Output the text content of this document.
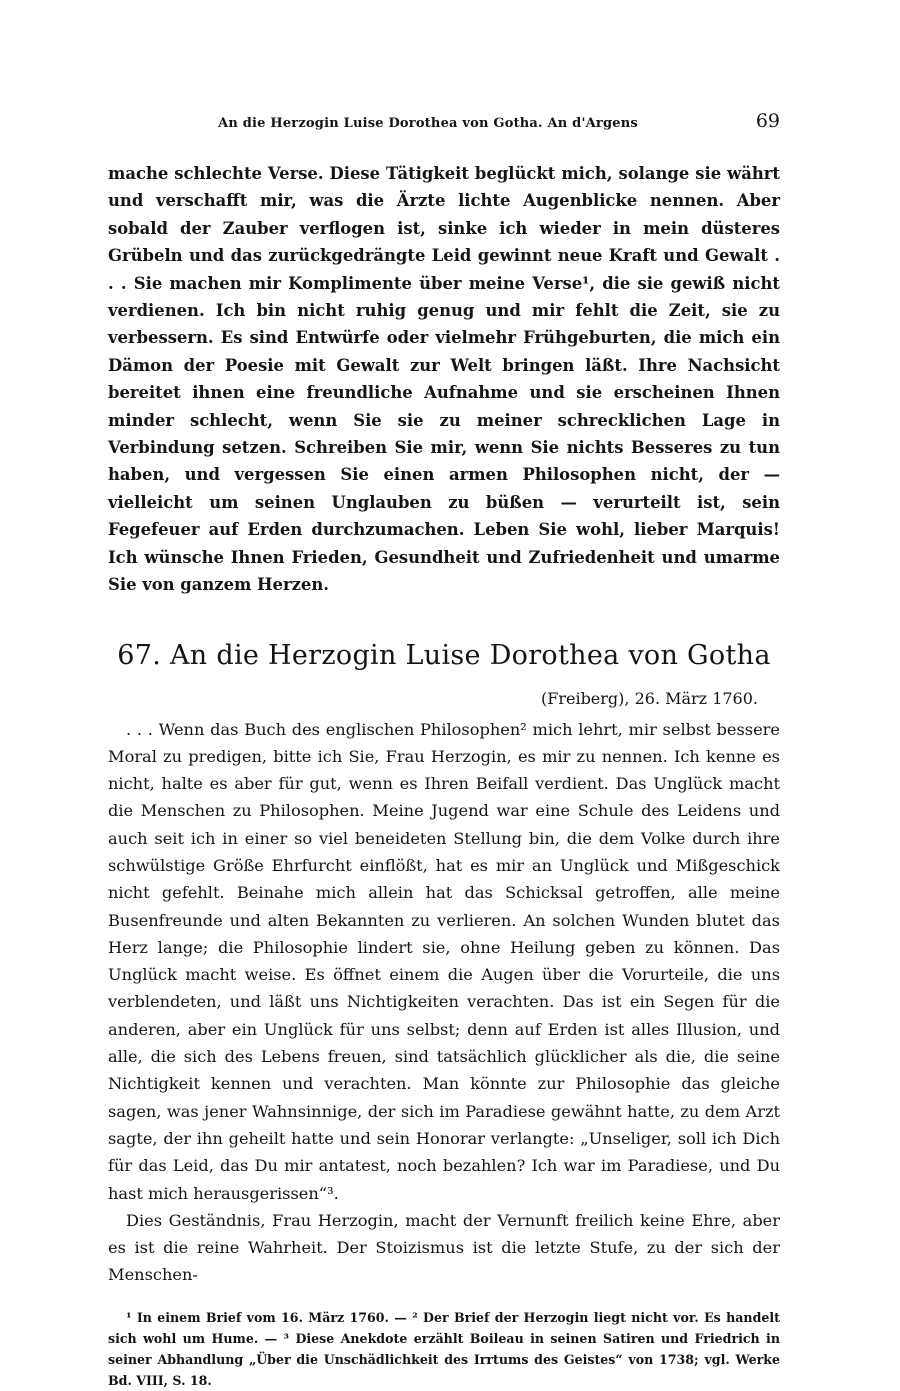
An die Herzogin Luise Dorothea von Gotha. An d'Argens	69

mache schlechte Verse. Diese Tätigkeit beglückt mich, solange sie währt und verschafft mir, was die Ärzte lichte Augenblicke nennen. Aber sobald der Zauber verflogen ist, sinke ich wieder in mein düsteres Grübeln und das zurückgedrängte Leid gewinnt neue Kraft und Gewalt . . . Sie machen mir Komplimente über meine Verse¹, die sie gewiß nicht verdienen. Ich bin nicht ruhig genug und mir fehlt die Zeit, sie zu verbessern. Es sind Entwürfe oder vielmehr Frühgeburten, die mich ein Dämon der Poesie mit Gewalt zur Welt bringen läßt. Ihre Nachsicht bereitet ihnen eine freundliche Aufnahme und sie erscheinen Ihnen minder schlecht, wenn Sie sie zu meiner schrecklichen Lage in Verbindung setzen. Schreiben Sie mir, wenn Sie nichts Besseres zu tun haben, und vergessen Sie einen armen Philosophen nicht, der — vielleicht um seinen Unglauben zu büßen — verurteilt ist, sein Fegefeuer auf Erden durchzumachen. Leben Sie wohl, lieber Marquis! Ich wünsche Ihnen Frieden, Gesundheit und Zufriedenheit und umarme Sie von ganzem Herzen.

67. An die Herzogin Luise Dorothea von Gotha
(Freiberg), 26. März 1760.

. . . Wenn das Buch des englischen Philosophen² mich lehrt, mir selbst bessere Moral zu predigen, bitte ich Sie, Frau Herzogin, es mir zu nennen. Ich kenne es nicht, halte es aber für gut, wenn es Ihren Beifall verdient. Das Unglück macht die Menschen zu Philosophen. Meine Jugend war eine Schule des Leidens und auch seit ich in einer so viel beneideten Stellung bin, die dem Volke durch ihre schwülstige Größe Ehrfurcht einflößt, hat es mir an Unglück und Mißgeschick nicht gefehlt. Beinahe mich allein hat das Schicksal getroffen, alle meine Busenfreunde und alten Bekannten zu verlieren. An solchen Wunden blutet das Herz lange; die Philosophie lindert sie, ohne Heilung geben zu können. Das Unglück macht weise. Es öffnet einem die Augen über die Vorurteile, die uns verblendeten, und läßt uns Nichtigkeiten verachten. Das ist ein Segen für die anderen, aber ein Unglück für uns selbst; denn auf Erden ist alles Illusion, und alle, die sich des Lebens freuen, sind tatsächlich glücklicher als die, die seine Nichtigkeit kennen und verachten. Man könnte zur Philosophie das gleiche sagen, was jener Wahnsinnige, der sich im Paradiese gewähnt hatte, zu dem Arzt sagte, der ihn geheilt hatte und sein Honorar verlangte: „Unseliger, soll ich Dich für das Leid, das Du mir antatest, noch bezahlen? Ich war im Paradiese, und Du hast mich herausgerissen“³.

Dies Geständnis, Frau Herzogin, macht der Vernunft freilich keine Ehre, aber es ist die reine Wahrheit. Der Stoizismus ist die letzte Stufe, zu der sich der Menschen-

¹ In einem Brief vom 16. März 1760. — ² Der Brief der Herzogin liegt nicht vor. Es handelt sich wohl um Hume. — ³ Diese Anekdote erzählt Boileau in seinen Satiren und Friedrich in seiner Abhandlung „Über die Unschädlichkeit des Irrtums des Geistes“ von 1738; vgl. Werke Bd. VIII, S. 18.
